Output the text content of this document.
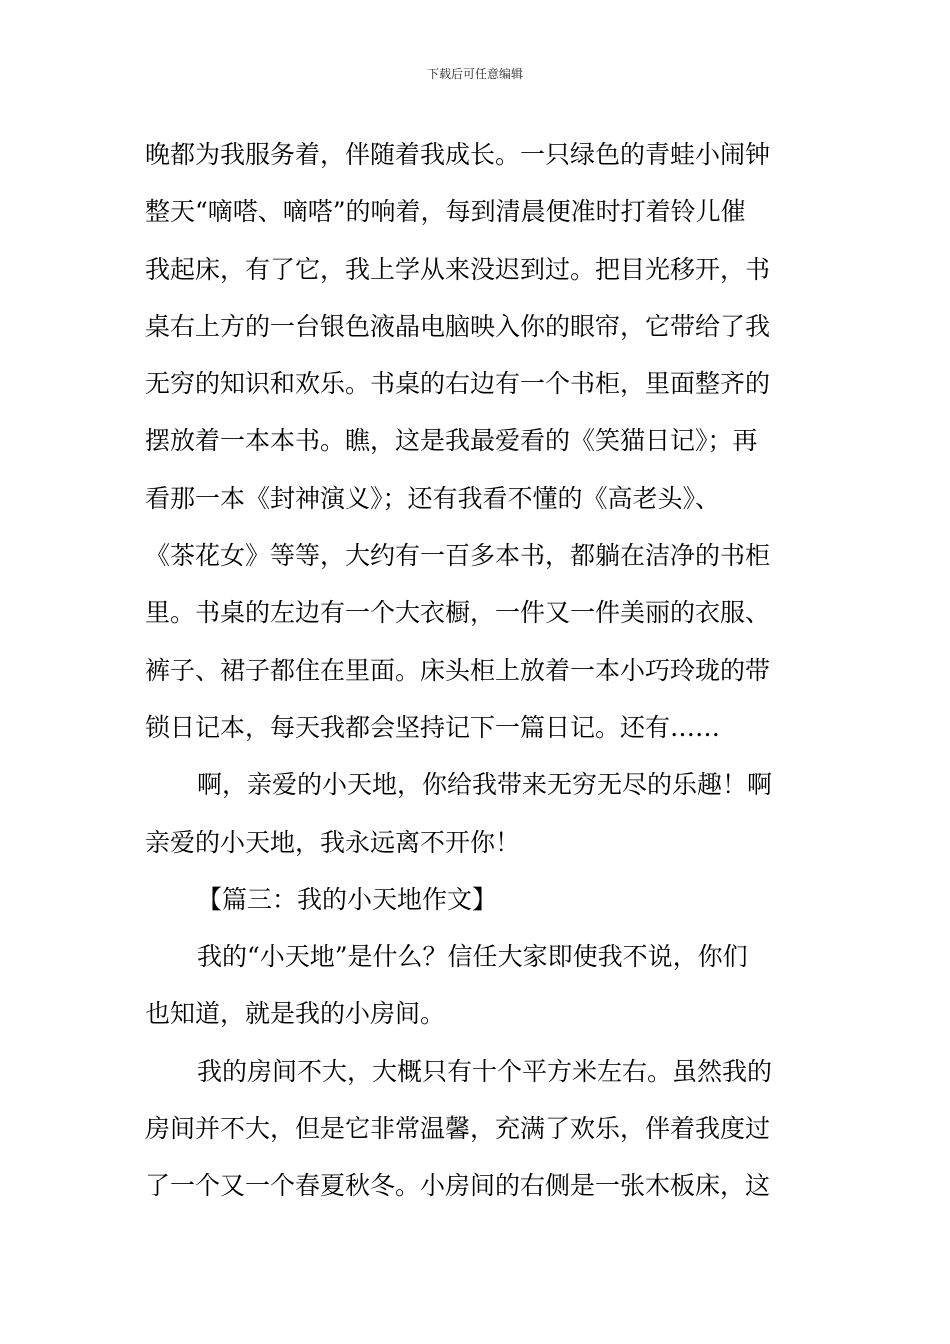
下载后可任意编辑
晚都为我服务着，伴随着我成长。一只绿色的青蛙小闹钟
整天“嘀嗒、嘀嗒”的响着，每到清晨便准时打着铃儿催
我起床，有了它，我上学从来没迟到过。把目光移开，书
桌右上方的一台银色液晶电脑映入你的眼帘，它带给了我
无穷的知识和欢乐。书桌的右边有一个书柜，里面整齐的
摆放着一本本书。瞧，这是我最爱看的《笑猫日记》；再
看那一本《封神演义》；还有我看不懂的《高老头》、
《茶花女》等等，大约有一百多本书，都躺在洁净的书柜
里。书桌的左边有一个大衣橱，一件又一件美丽的衣服、
裤子、裙子都住在里面。床头柜上放着一本小巧玲珑的带
锁日记本，每天我都会坚持记下一篇日记。还有……
啊，亲爱的小天地，你给我带来无穷无尽的乐趣！啊
亲爱的小天地，我永远离不开你！
【篇三：我的小天地作文】
我的“小天地”是什么？信任大家即使我不说，你们
也知道，就是我的小房间。
我的房间不大，大概只有十个平方米左右。虽然我的
房间并不大，但是它非常温馨，充满了欢乐，伴着我度过
了一个又一个春夏秋冬。小房间的右侧是一张木板床，这
